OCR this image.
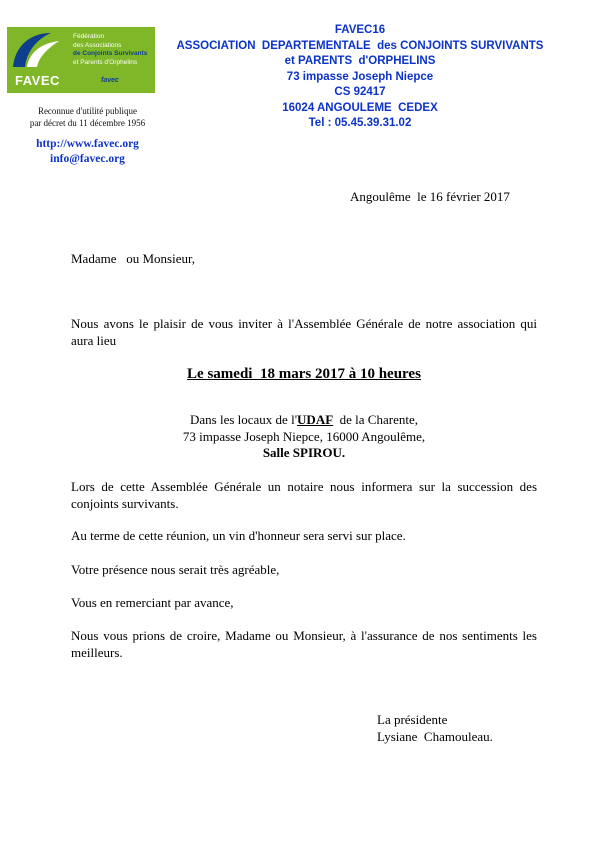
FAVEC
Fédération
des Associations
de Conjoints Survivants
et Parents d'Orphelins
favec
FAVEC16
ASSOCIATION  DEPARTEMENTALE  des CONJOINTS SURVIVANTS
et PARENTS  d'ORPHELINS
73 impasse Joseph Niepce
CS 92417
16024 ANGOULEME  CEDEX
Tel : 05.45.39.31.02
Reconnue d'utilité publique
par décret du 11 décembre 1956
http://www.favec.org
info@favec.org
Angoulême  le 16 février 2017
Madame   ou Monsieur,
Nous avons le plaisir de vous inviter à l'Assemblée Générale de notre association qui aura lieu
Le samedi  18 mars 2017 à 10 heures
Dans les locaux de l'UDAF  de la Charente,
73 impasse Joseph Niepce, 16000 Angoulême,
Salle SPIROU.
Lors de cette Assemblée Générale un notaire nous informera sur la succession des conjoints survivants.
Au terme de cette réunion, un vin d'honneur sera servi sur place.
Votre présence nous serait très agréable,
Vous en remerciant par avance,
Nous vous prions de croire, Madame ou Monsieur, à l'assurance de nos sentiments les meilleurs.
La présidente
Lysiane  Chamouleau.
